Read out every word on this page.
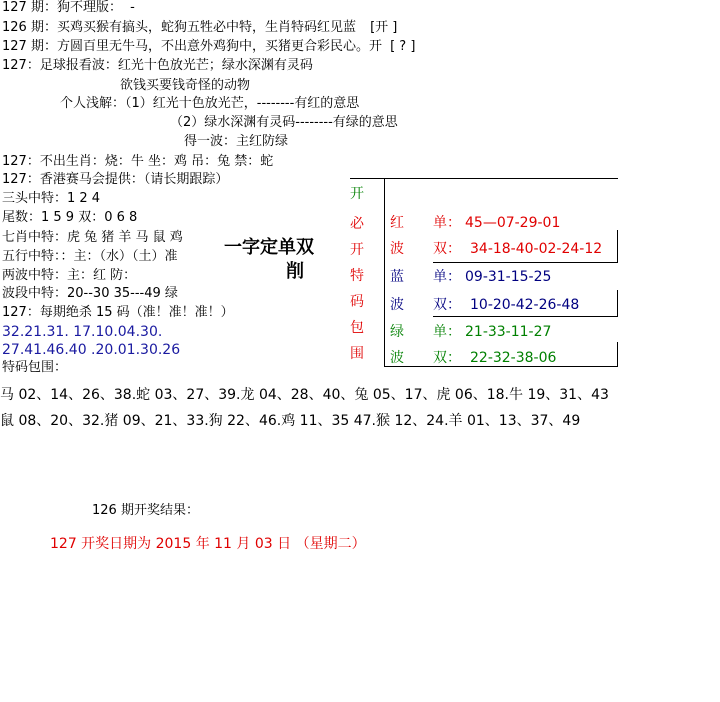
127 期：狗不理版： -
126 期：买鸡买猴有搞头，蛇狗五牲必中特，生肖特码红见蓝 [开 ]
127 期：方圆百里无牛马，不出意外鸡狗中，买猪更合彩民心。开 [ ? ]
127：足球报看波：红光十色放光芒；绿水深渊有灵码
欲钱买要钱奇怪的动物
个人浅解：（1）红光十色放光芒，--------有红的意思
（2）绿水深渊有灵码--------有绿的意思
得一波：主红防绿
127：不出生肖：烧：牛 坐：鸡 吊：兔 禁：蛇
127：香港赛马会提供：（请长期跟踪）
三头中特：1 2 4
尾数：1 5 9 双：0 6 8
七肖中特：虎 兔 猪 羊 马 鼠 鸡
五行中特：：主：（水）（土）准
两波中特：主：红 防：
波段中特：20--30 35---49 绿
127：每期绝杀 15 码（准！准！准！）
32.21.31. 17.10.04.30.
27.41.46.40 .20.01.30.26
特码包围：
一字定单双
削
开
必
开
特
码
包
围
红 单： 45—07-29-01
波 双： 34-18-40-02-24-12
蓝 单： 09-31-15-25
波 双： 10-20-42-26-48
绿 单： 21-33-11-27
波 双： 22-32-38-06
马 02、14、26、38.蛇 03、27、39.龙 04、28、40、兔 05、17、虎 06、18.牛 19、31、43
鼠 08、20、32.猪 09、21、33.狗 22、46.鸡 11、35 47.猴 12、24.羊 01、13、37、49
126 期开奖结果：
127 开奖日期为 2015 年 11 月 03 日 （星期二）
